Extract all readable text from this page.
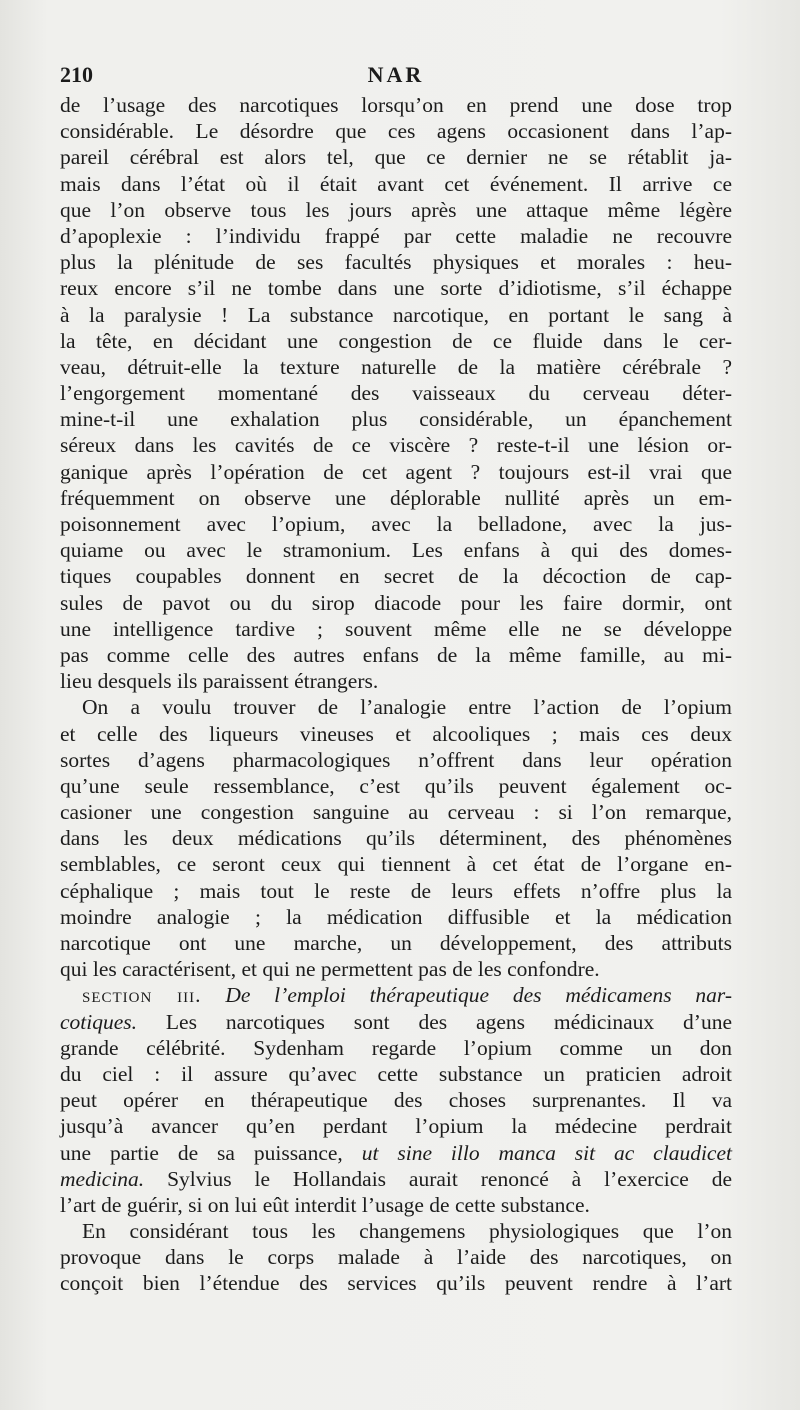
210	NAR
de l’usage des narcotiques lorsqu’on en prend une dose trop
considérable. Le désordre que ces agens occasionent dans l’ap-
pareil cérébral est alors tel, que ce dernier ne se rétablit ja-
mais dans l’état où il était avant cet événement. Il arrive ce
que l’on observe tous les jours après une attaque même légère
d’apoplexie : l’individu frappé par cette maladie ne recouvre
plus la plénitude de ses facultés physiques et morales : heu-
reux encore s’il ne tombe dans une sorte d’idiotisme, s’il échappe
à la paralysie ! La substance narcotique, en portant le sang à
la tête, en décidant une congestion de ce fluide dans le cer-
veau, détruit-elle la texture naturelle de la matière cérébrale ?
l’engorgement momentané des vaisseaux du cerveau déter-
mine-t-il une exhalation plus considérable, un épanchement
séreux dans les cavités de ce viscère ? reste-t-il une lésion or-
ganique après l’opération de cet agent ? toujours est-il vrai que
fréquemment on observe une déplorable nullité après un em-
poisonnement avec l’opium, avec la belladone, avec la jus-
quiame ou avec le stramonium. Les enfans à qui des domes-
tiques coupables donnent en secret de la décoction de cap-
sules de pavot ou du sirop diacode pour les faire dormir, ont
une intelligence tardive ; souvent même elle ne se développe
pas comme celle des autres enfans de la même famille, au mi-
lieu desquels ils paraissent étrangers.
On a voulu trouver de l’analogie entre l’action de l’opium
et celle des liqueurs vineuses et alcooliques ; mais ces deux
sortes d’agens pharmacologiques n’offrent dans leur opération
qu’une seule ressemblance, c’est qu’ils peuvent également oc-
casioner une congestion sanguine au cerveau : si l’on remarque,
dans les deux médications qu’ils déterminent, des phénomènes
semblables, ce seront ceux qui tiennent à cet état de l’organe en-
céphalique ; mais tout le reste de leurs effets n’offre plus la
moindre analogie ; la médication diffusible et la médication
narcotique ont une marche, un développement, des attributs
qui les caractérisent, et qui ne permettent pas de les confondre.
section iii. De l’emploi thérapeutique des médicamens nar-
cotiques. Les narcotiques sont des agens médicinaux d’une
grande célébrité. Sydenham regarde l’opium comme un don
du ciel : il assure qu’avec cette substance un praticien adroit
peut opérer en thérapeutique des choses surprenantes. Il va
jusqu’à avancer qu’en perdant l’opium la médecine perdrait
une partie de sa puissance, ut sine illo manca sit ac claudicet
medicina. Sylvius le Hollandais aurait renoncé à l’exercice de
l’art de guérir, si on lui eût interdit l’usage de cette substance.
En considérant tous les changemens physiologiques que l’on
provoque dans le corps malade à l’aide des narcotiques, on
conçoit bien l’étendue des services qu’ils peuvent rendre à l’art
